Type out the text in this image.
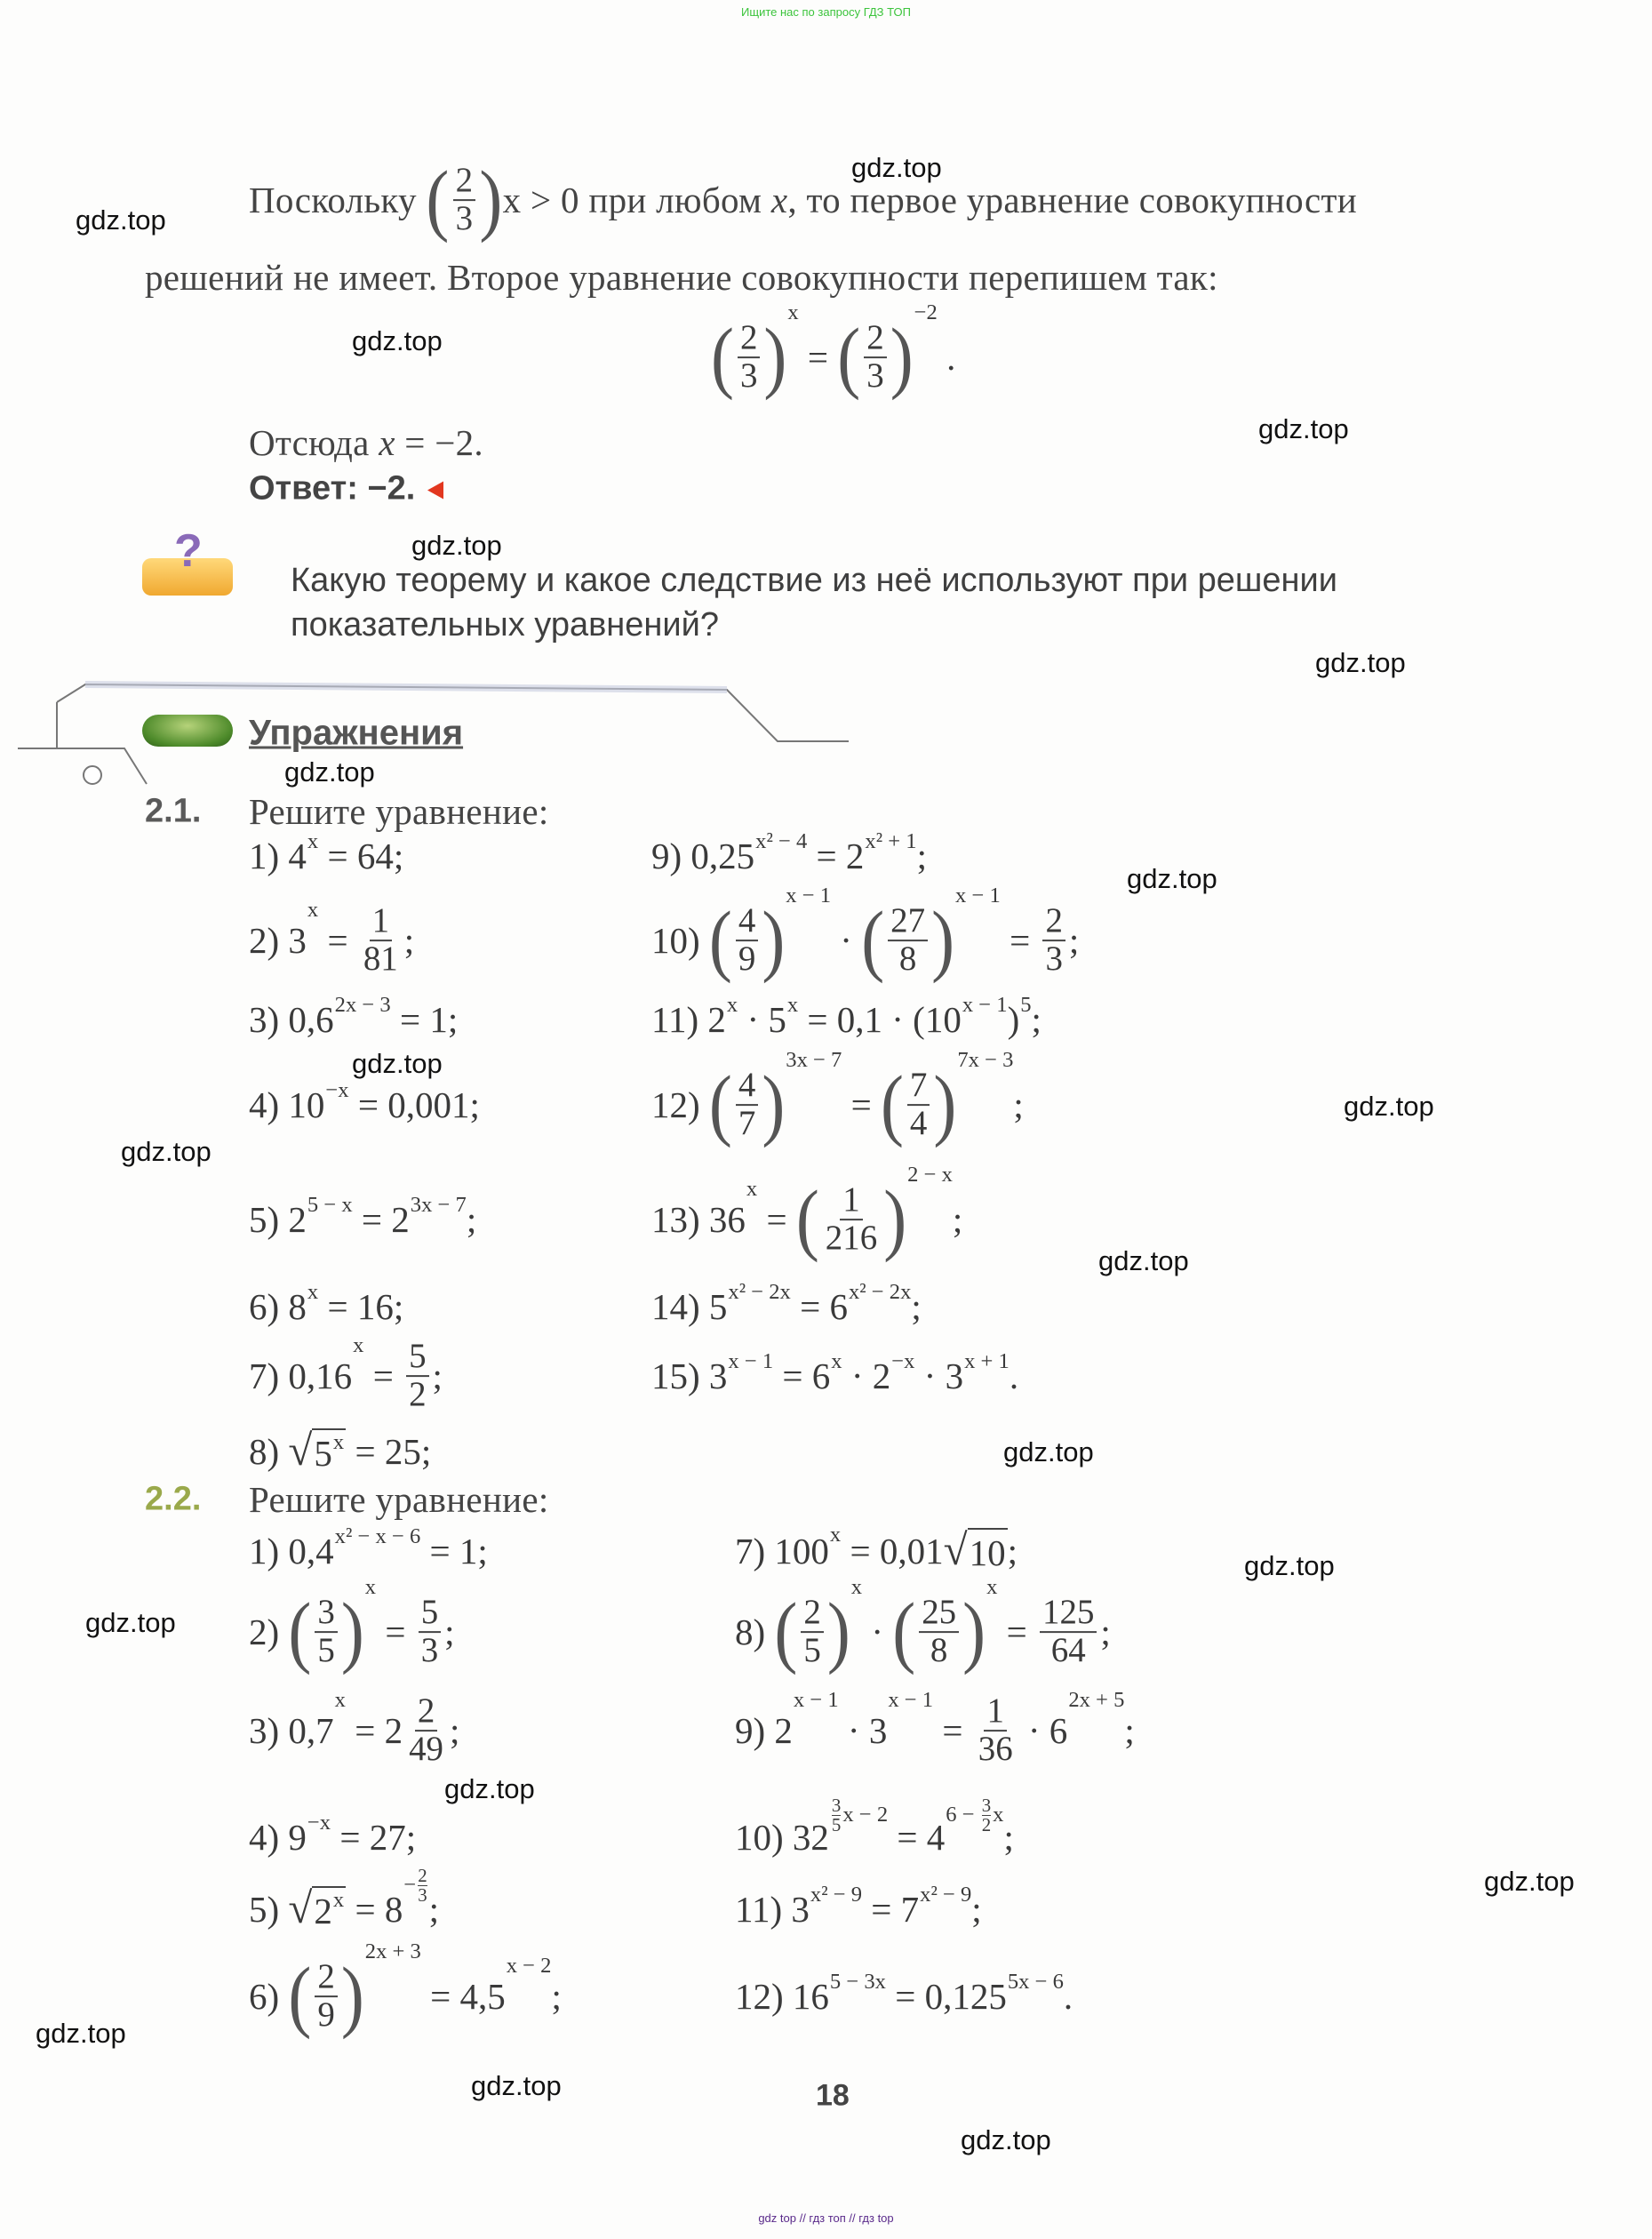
Ищите нас по запросу ГДЗ ТОП
Поскольку ( $\frac{2}{3}$ ) x > 0 при любом x , то первое уравнение совокупности
решений не имеет. Второе уравнение совокупности перепишем так:
( $\frac{2}{3}$ ) x
= ( $\frac{2}{3}$ ) −2
.
Отсюда x = −2.
Ответ: −2.
?
Какую теорему и какое следствие из неё используют при решении показательных уравнений?
Упражнения
2.1. Решите уравнение:
1) 4 x = 64;
2) 3
x
= $\frac{1}{81}$ ;
3) 0,6 2x − 3 = 1;
4) 10 −x = 0,001;
5) 2 5 − x = 2 3x − 7 ;
6) 8 x = 16;
7) 0,16
x
= $\frac{5}{2}$ ;
8) √ 5 x = 25;
9) 0,25 x² − 4 = 2 x² + 1 ;
10) ( $\frac{4}{9}$ ) x − 1
· ( $\frac{27}{8}$ ) x − 1
= $\frac{2}{3}$ ;
11) 2 x · 5 x = 0,1 · (10 x − 1 ) 5 ;
12) ( $\frac{4}{7}$ ) 3x − 7
= ( $\frac{7}{4}$ ) 7x − 3
;
13) 36
x
= ( $\frac{1}{216}$ ) 2 − x
;
14) 5 x² − 2x = 6 x² − 2x ;
15) 3 x − 1 = 6 x · 2 −x · 3 x + 1 .
2.2. Решите уравнение:
1) 0,4 x² − x − 6 = 1;
2) ( $\frac{3}{5}$ ) x
= $\frac{5}{3}$ ;
3) 0,7
x
= $2 \frac{2}{49}$ ;
4) 9 −x = 27;
5) √ 2 x = 8
− $\frac{2}{3}$
;
6) ( $\frac{2}{9}$ ) 2x + 3
= 4,5
x − 2
;
7) 100 x = 0,01 √ 10 ;
8) ( $\frac{2}{5}$ ) x
· ( $\frac{25}{8}$ ) x
= $\frac{125}{64}$ ;
9) 2
x − 1
· 3
x − 1
= $\frac{1}{36} \cdot 6$
2x + 5
;
10) 32
$\frac{3}{5}$ x − 2
= 4
$6 - \frac{3}{2}$ x
;
11) 3 x² − 9 = 7 x² − 9 ;
12) 16 5 − 3x = 0,125 5x − 6 .
18
gdz top // гдз топ // гдз top
gdz.top
gdz.top
gdz.top
gdz.top
gdz.top
gdz.top
gdz.top
gdz.top
gdz.top
gdz.top
gdz.top
gdz.top
gdz.top
gdz.top
gdz.top
gdz.top
gdz.top
gdz.top
gdz.top
gdz.top
